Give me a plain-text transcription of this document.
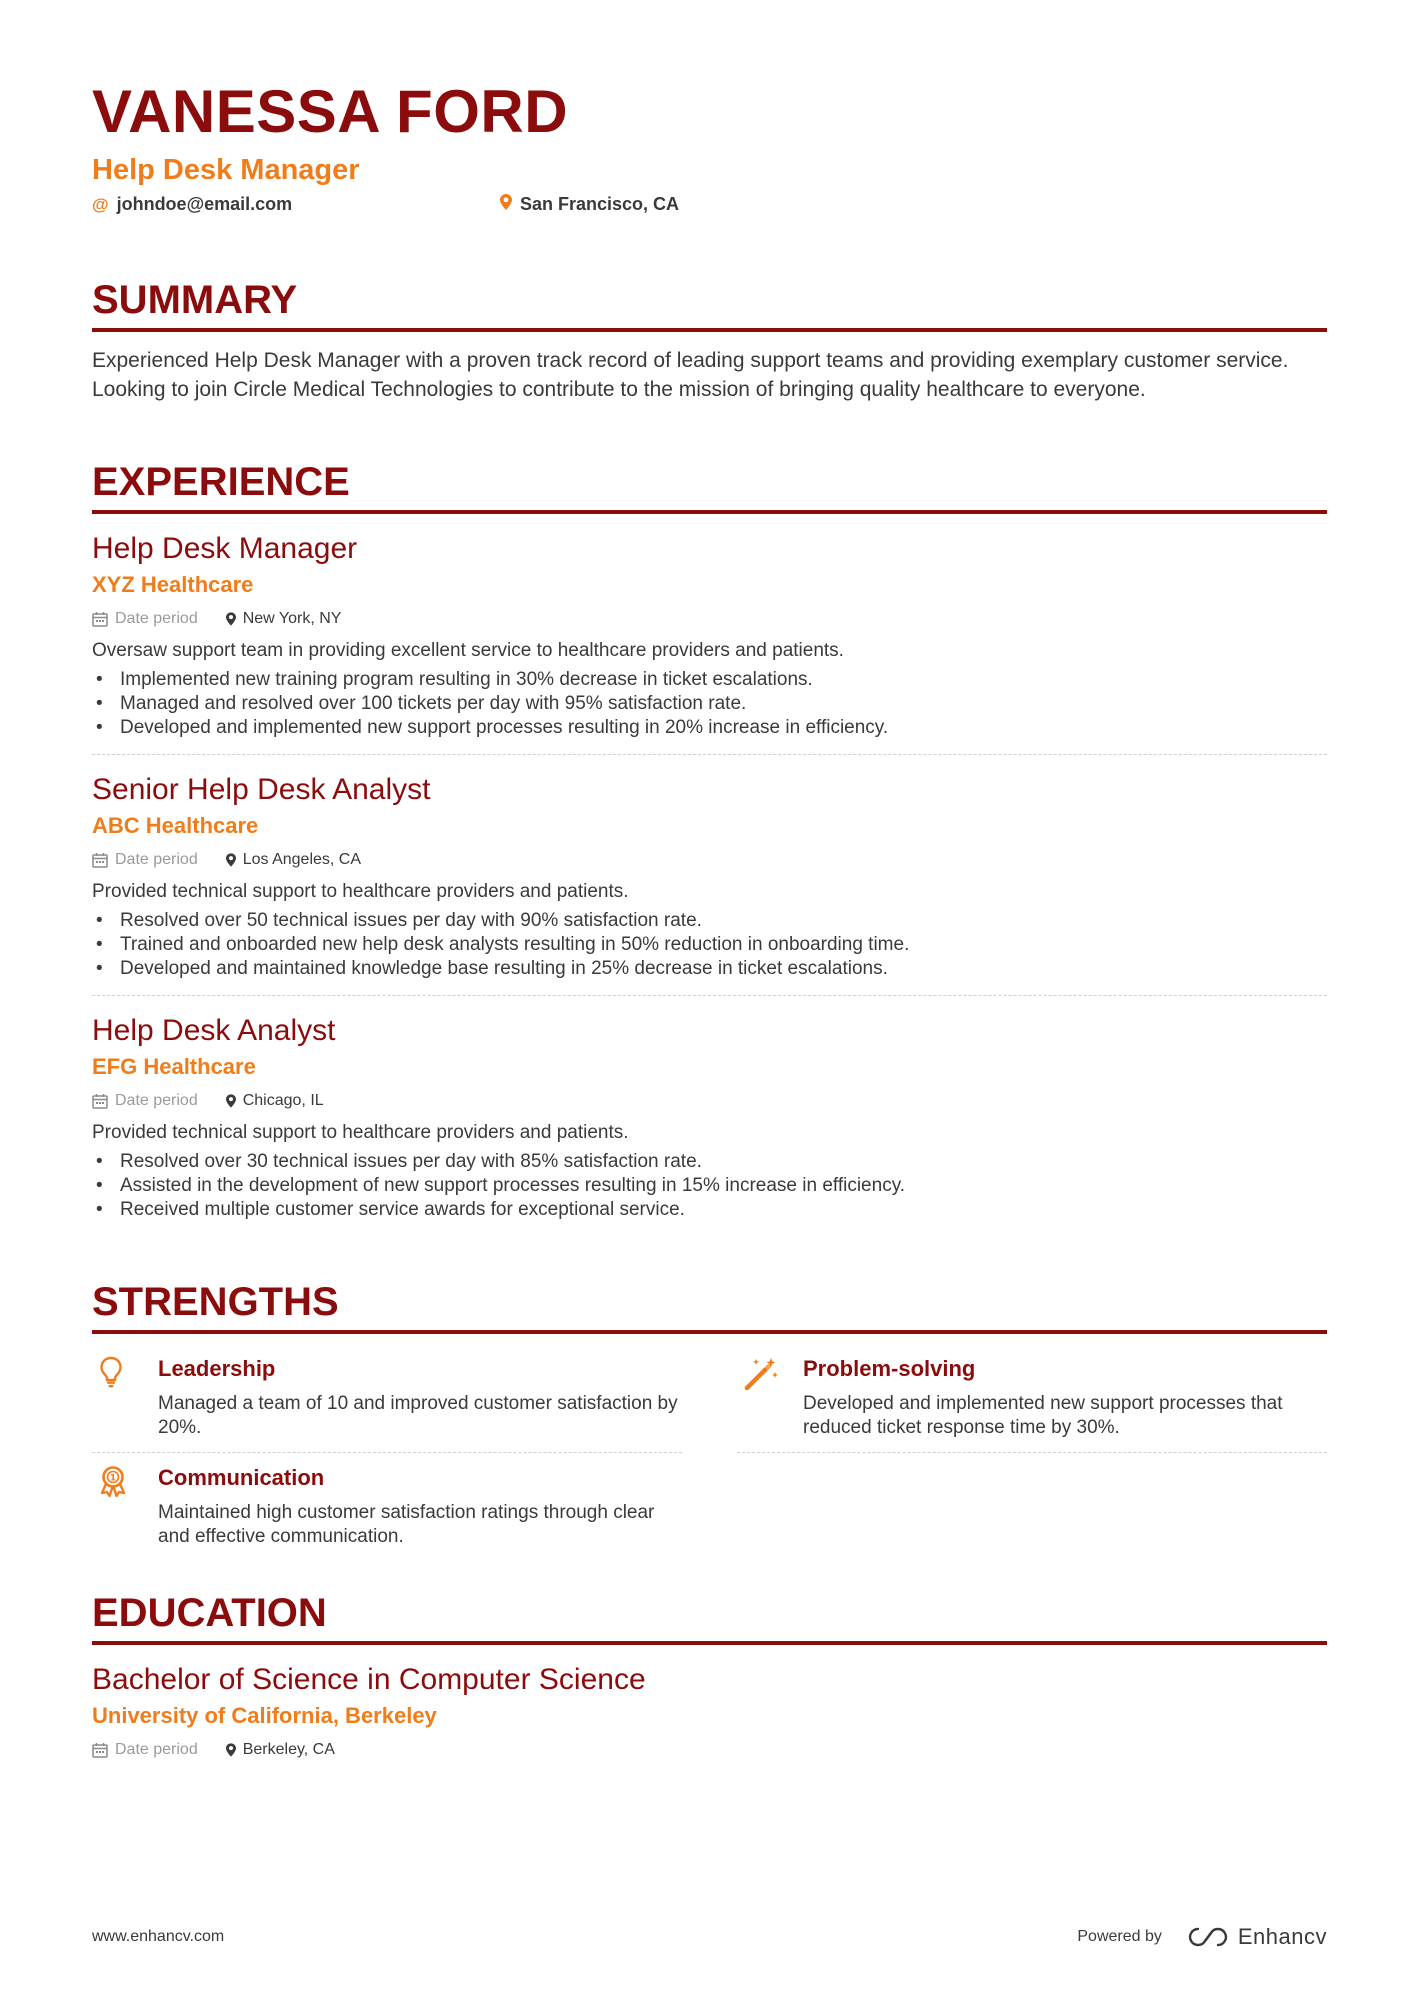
VANESSA FORD
Help Desk Manager
@ johndoe@email.com	San Francisco, CA
SUMMARY
Experienced Help Desk Manager with a proven track record of leading support teams and providing exemplary customer service. Looking to join Circle Medical Technologies to contribute to the mission of bringing quality healthcare to everyone.
EXPERIENCE
Help Desk Manager
XYZ Healthcare
Date period	New York, NY
Oversaw support team in providing excellent service to healthcare providers and patients.
• Implemented new training program resulting in 30% decrease in ticket escalations.
• Managed and resolved over 100 tickets per day with 95% satisfaction rate.
• Developed and implemented new support processes resulting in 20% increase in efficiency.
Senior Help Desk Analyst
ABC Healthcare
Date period	Los Angeles, CA
Provided technical support to healthcare providers and patients.
• Resolved over 50 technical issues per day with 90% satisfaction rate.
• Trained and onboarded new help desk analysts resulting in 50% reduction in onboarding time.
• Developed and maintained knowledge base resulting in 25% decrease in ticket escalations.
Help Desk Analyst
EFG Healthcare
Date period	Chicago, IL
Provided technical support to healthcare providers and patients.
• Resolved over 30 technical issues per day with 85% satisfaction rate.
• Assisted in the development of new support processes resulting in 15% increase in efficiency.
• Received multiple customer service awards for exceptional service.
STRENGTHS
Leadership
Managed a team of 10 and improved customer satisfaction by 20%.
Problem-solving
Developed and implemented new support processes that reduced ticket response time by 30%.
1 Communication
Maintained high customer satisfaction ratings through clear and effective communication.
EDUCATION
Bachelor of Science in Computer Science
University of California, Berkeley
Date period	Berkeley, CA
www.enhancv.com	Powered by	Enhancv
